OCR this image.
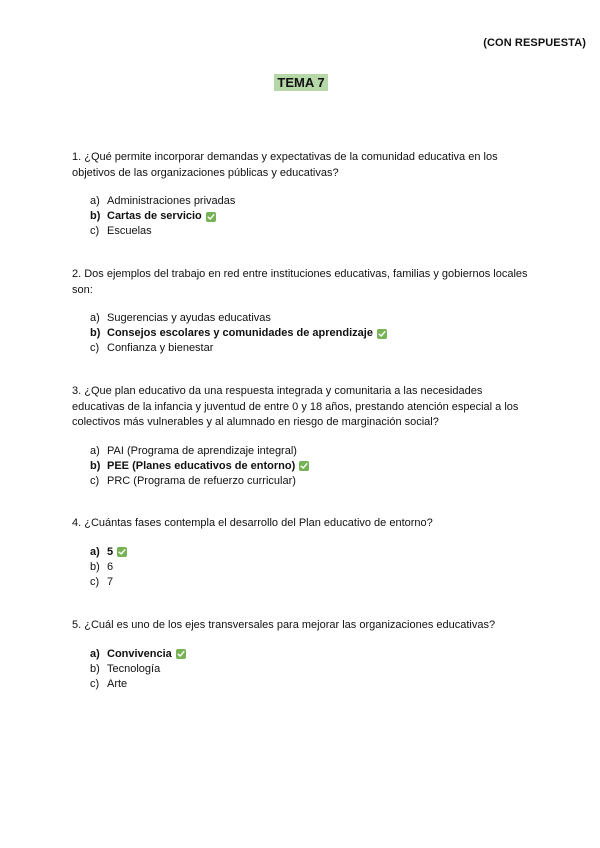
(CON RESPUESTA)
TEMA 7

1. ¿Qué permite incorporar demandas y expectativas de la comunidad educativa en los objetivos de las organizaciones públicas y educativas?

a) Administraciones privadas
b) Cartas de servicio
c) Escuelas

2. Dos ejemplos del trabajo en red entre instituciones educativas, familias y gobiernos locales son:

a) Sugerencias y ayudas educativas
b) Consejos escolares y comunidades de aprendizaje
c) Confianza y bienestar

3. ¿Que plan educativo da una respuesta integrada y comunitaria a las necesidades educativas de la infancia y juventud de entre 0 y 18 años, prestando atención especial a los colectivos más vulnerables y al alumnado en riesgo de marginación social?

a) PAI (Programa de aprendizaje integral)
b) PEE (Planes educativos de entorno)
c) PRC (Programa de refuerzo curricular)

4. ¿Cuántas fases contempla el desarrollo del Plan educativo de entorno?

a) 5
b) 6
c) 7

5. ¿Cuál es uno de los ejes transversales para mejorar las organizaciones educativas?

a) Convivencia
b) Tecnología
c) Arte
